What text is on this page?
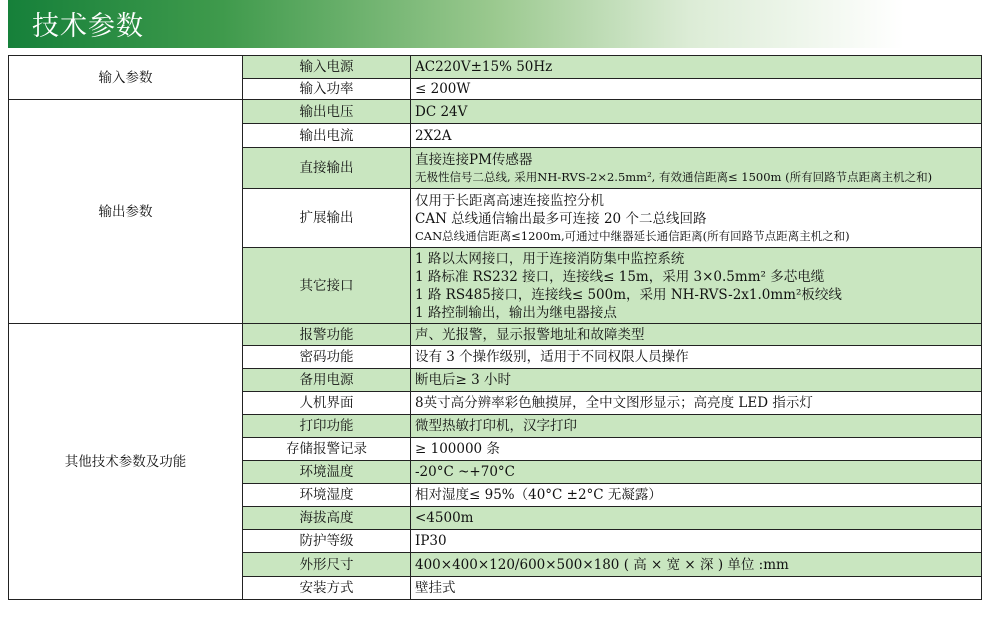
技术参数
输入参数	输入电源	AC220V±15% 50Hz

	输入功率	≤ 200W

输出参数	输出电压	DC 24V

	输出电流	2X2A

	直接输出	直接连接PM传感器
无极性信号二总线, 采用NH-RVS-2×2.5mm², 有效通信距离≤ 1500m (所有回路节点距离主机之和)

	扩展输出	仅用于长距离高速连接监控分机
CAN 总线通信输出最多可连接 20 个二总线回路
CAN总线通信距离≤1200m,可通过中继器延长通信距离(所有回路节点距离主机之和)

	其它接口	1 路以太网接口，用于连接消防集中监控系统
1 路标准 RS232 接口，连接线≤ 15m，采用 3×0.5mm² 多芯电缆
1 路 RS485接口，连接线≤ 500m，采用 NH-RVS-2x1.0mm²板绞线
1 路控制输出，输出为继电器接点

其他技术参数及功能	报警功能	声、光报警，显示报警地址和故障类型

	密码功能	设有 3 个操作级别，适用于不同权限人员操作

	备用电源	断电后≥ 3 小时

	人机界面	8英寸高分辨率彩色触摸屏，全中文图形显示；高亮度 LED 指示灯

	打印功能	微型热敏打印机，汉字打印

	存储报警记录	≥ 100000 条

	环境温度	-20°C ~+70°C

	环境湿度	相对湿度≤ 95%（40°C ±2°C 无凝露）

	海拔高度	<4500m

	防护等级	IP30

	外形尺寸	400×400×120/600×500×180 ( 高 × 宽 × 深 ) 单位 :mm

	安装方式	壁挂式
